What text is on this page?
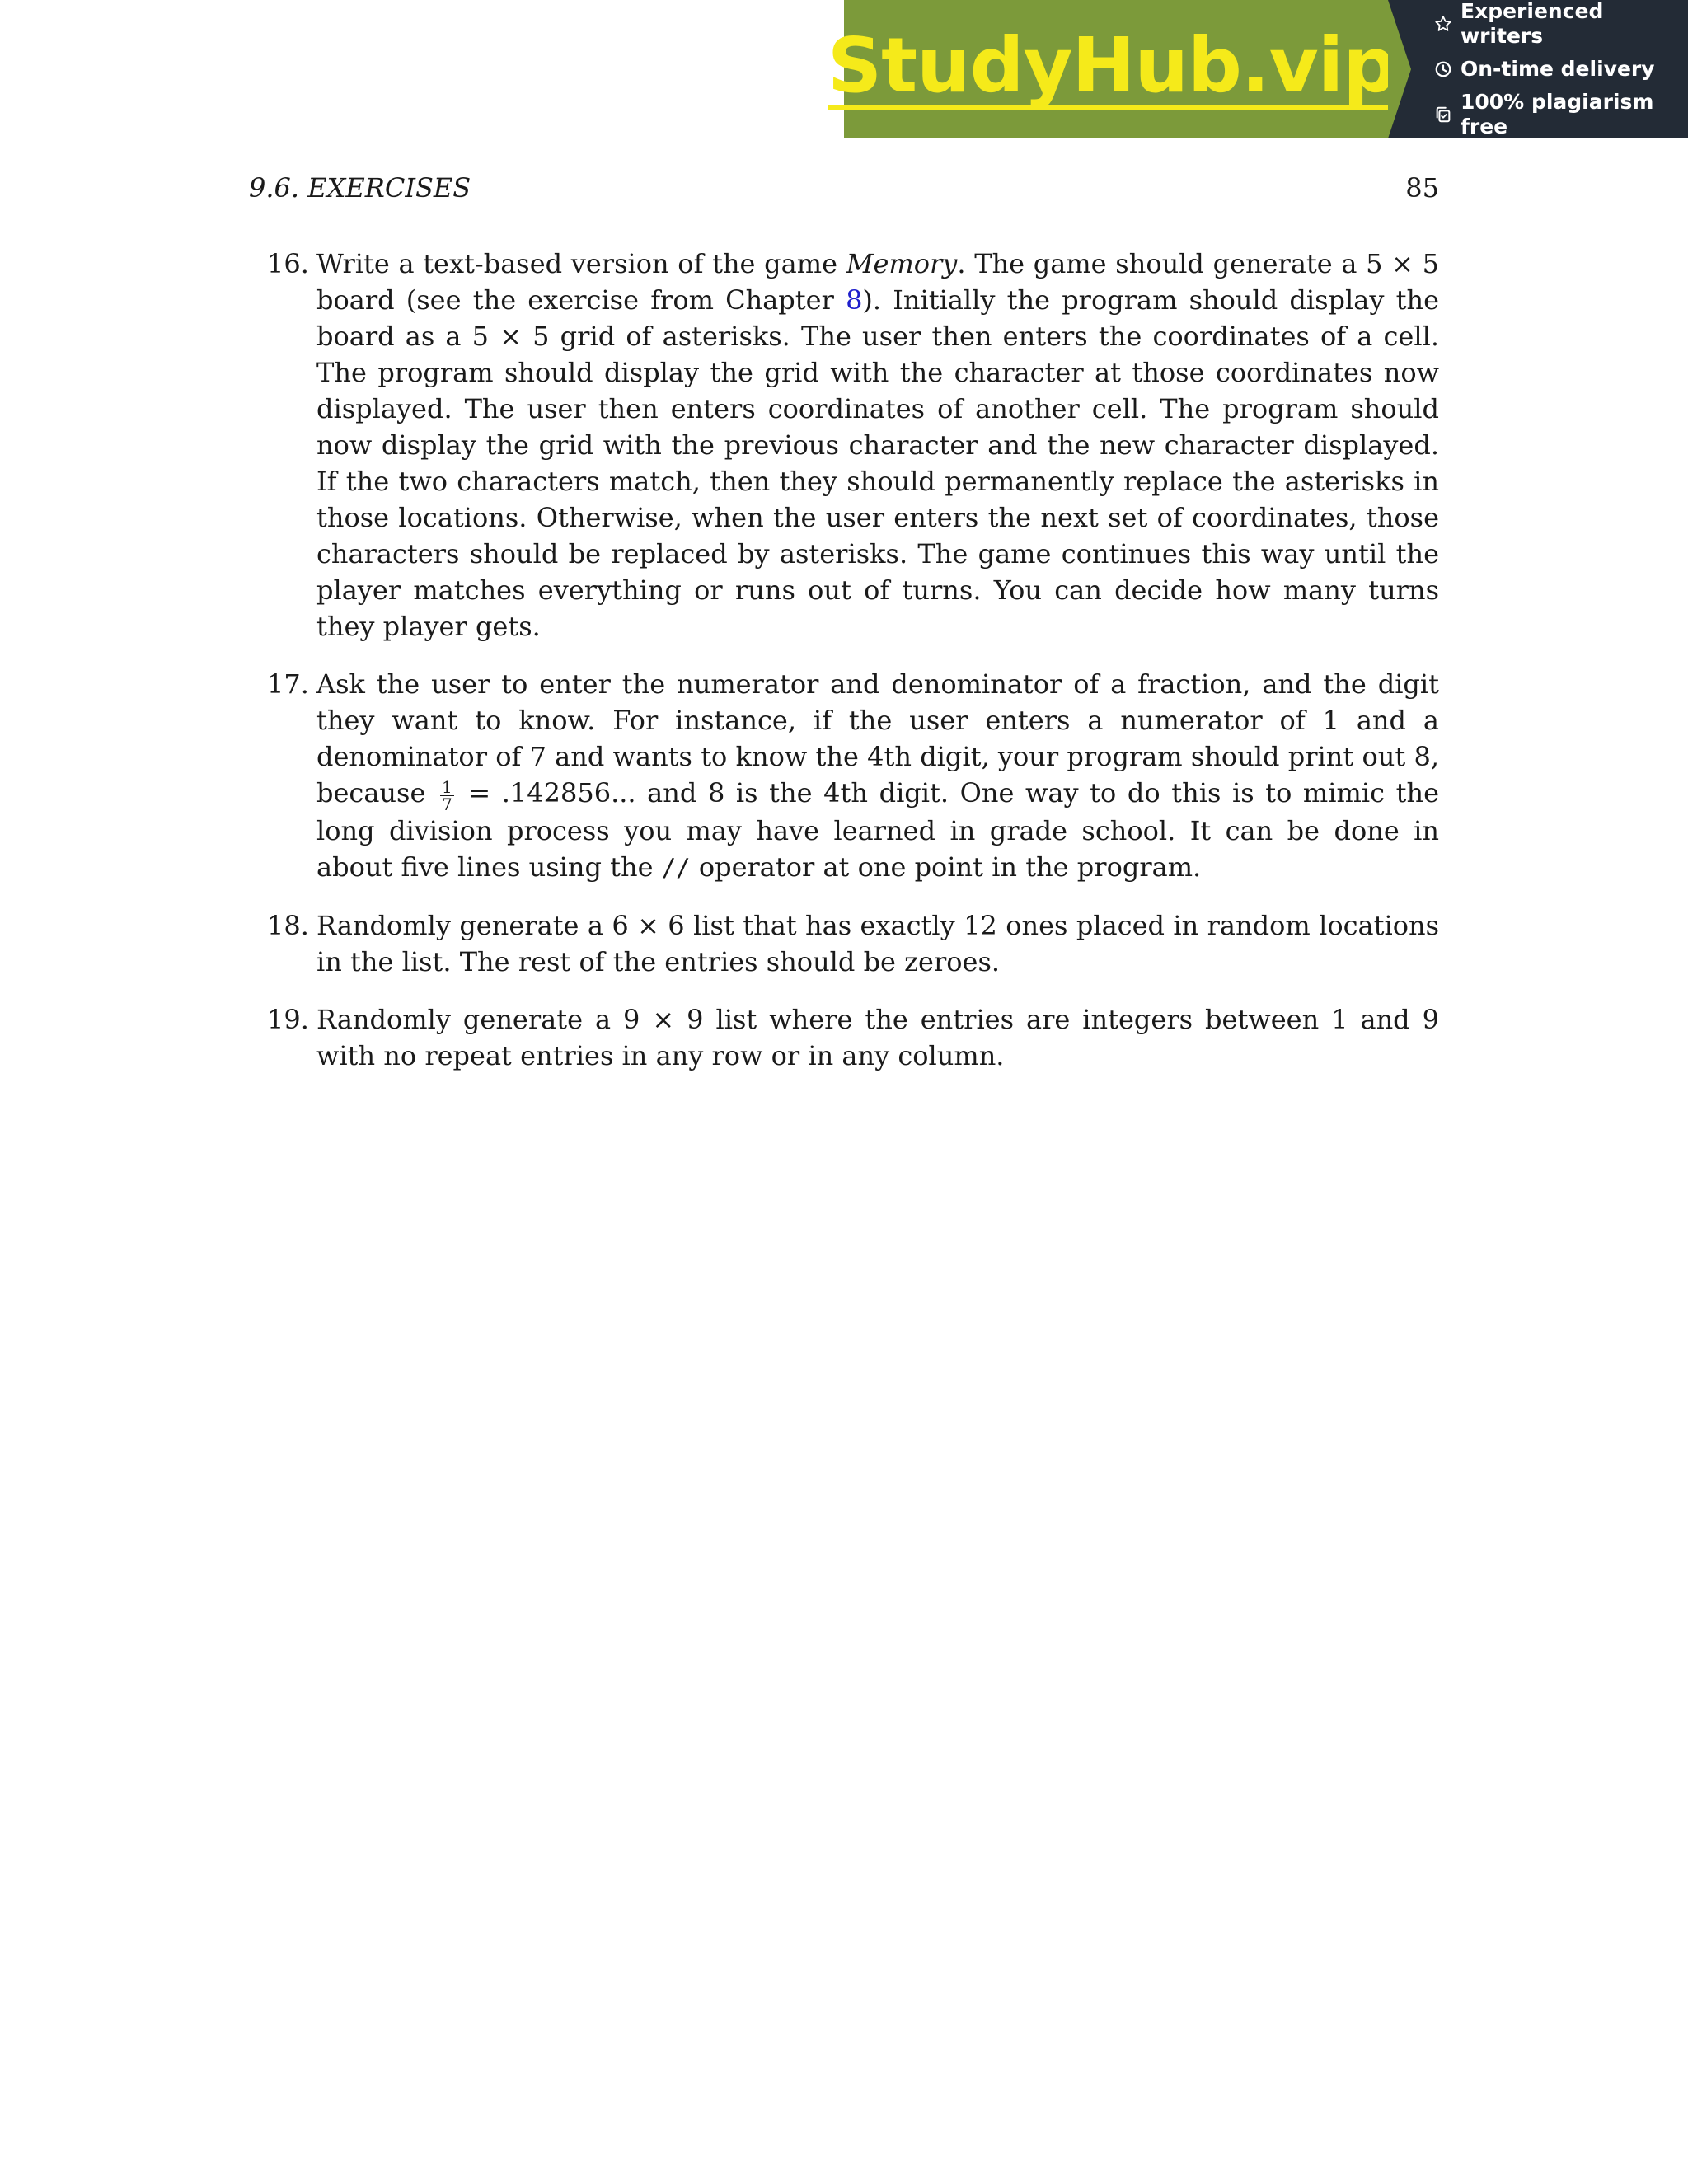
StudyHub.vip
Experienced writers
On-time delivery
100% plagiarism free
9.6. EXERCISES	85
16. Write a text-based version of the game Memory. The game should generate a 5 × 5 board (see the exercise from Chapter 8). Initially the program should display the board as a 5 × 5 grid of asterisks. The user then enters the coordinates of a cell. The program should display the grid with the character at those coordinates now displayed. The user then enters coordinates of another cell. The program should now display the grid with the previous character and the new character displayed. If the two characters match, then they should permanently replace the asterisks in those locations. Otherwise, when the user enters the next set of coordinates, those characters should be replaced by asterisks. The game continues this way until the player matches everything or runs out of turns. You can decide how many turns they player gets.
17. Ask the user to enter the numerator and denominator of a fraction, and the digit they want to know. For instance, if the user enters a numerator of 1 and a denominator of 7 and wants to know the 4th digit, your program should print out 8, because $\frac{1}{7} = .142856$... and 8 is the 4th digit. One way to do this is to mimic the long division process you may have learned in grade school. It can be done in about five lines using the // operator at one point in the program.
18. Randomly generate a 6 × 6 list that has exactly 12 ones placed in random locations in the list. The rest of the entries should be zeroes.
19. Randomly generate a 9 × 9 list where the entries are integers between 1 and 9 with no repeat entries in any row or in any column.
